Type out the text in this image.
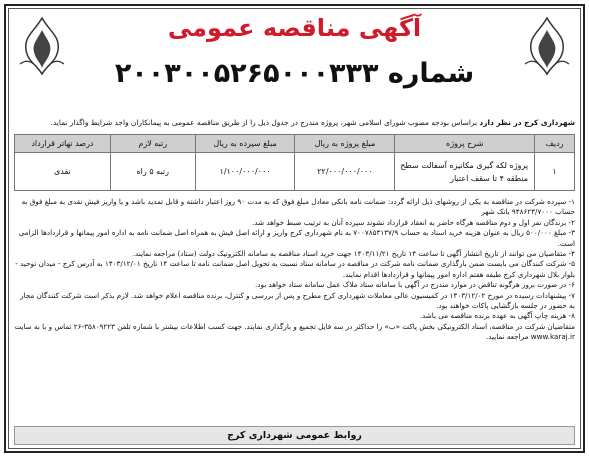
آگهی مناقصه عمومی
شماره ۲۰۰۳۰۰۵۲۶۵۰۰۰۳۳۳
شهرداری کرج در نظر دارد براساس بودجه مصوب شورای اسلامی شهر، پروژه مندرج در جدول ذیل را از طریق مناقصه عمومی به پیمانکاران واجد شرایط واگذار نماید.
ردیف	شرح پروژه	مبلغ پروژه به ریال	مبلغ سپرده به ریال	رتبه لازم	درصد تهاتر قرارداد
۱	پروژه لکه گیری مکانیزه آسفالت سطح منطقه ۴ تا سقف اعتبار	۲۲/۰۰۰/۰۰۰/۰۰۰	۱/۱۰۰/۰۰۰/۰۰۰	رتبه ۵ راه	نقدی

۱- سپرده شرکت در مناقصه به یکی از روشهای ذیل ارائه گردد: ضمانت نامه بانکی معادل مبلغ فوق که به مدت ۹۰ روز اعتبار داشته و قابل تمدید باشد و یا واریز فیش نقدی به مبلغ فوق به حساب ۹۴۸۶۲۳/۷۰۰۰ بانک شهر

۲- برندگان نفر اول و دوم مناقصه هرگاه حاضر به انعقاد قرارداد نشوند سپرده آنان به ترتیب ضبط خواهد شد.

۳- مبلغ ۵۰۰/۰۰۰ ریال به عنوان هزینه خرید اسناد به حساب ۷۰۰۷۸۵۳۱۳۷/۹ به نام شهرداری کرج واریز و ارائه اصل فیش به همراه اصل ضمانت نامه به اداره امور پیمانها و قراردادها الزامی است.

۴- متقاضیان می توانند از تاریخ انتشار آگهی تا ساعت ۱۴ تاریخ ۱۴۰۳/۱۱/۲۱ جهت خرید اسناد مناقصه به سامانه الکترونیک دولت (ستاد) مراجعه نمایند.

۵- شرکت کنندگان می بایست ضمن بارگذاری ضمانت نامه شرکت در مناقصه در سامانه ستاد نسبت به تحویل اصل ضمانت نامه تا ساعت ۱۴ تاریخ ۱۴۰۳/۱۲/۰۱ به آدرس کرج - میدان توحید - بلوار بلال شهرداری کرج طبقه هفتم اداره امور پیمانها و قراردادها اقدام نمایند.

۶- در صورت بروز هرگونه تناقض در موارد مندرج در آگهی با سامانه ستاد ملاک عمل سامانه ستاد خواهد بود.

۷- پیشنهادات رسیده در مورخ ۱۴۰۳/۱۲/۰۲ در کمیسیون عالی معاملات شهرداری کرج مطرح و پس از بررسی و کنترل، برنده مناقصه اعلام خواهد شد. لازم بذکر است شرکت کنندگان مجاز به حضور در جلسه بازگشایی پاکات خواهند بود.

۸- هزینه چاپ آگهی به عهده برنده مناقصه می باشد.

متقاضیان شرکت در مناقصه، اسناد الکترونیکی بخش پاکت «ب» را حداکثر در سه فایل تجمیع و بارگذاری نمایند. جهت کسب اطلاعات بیشتر با شماره تلفن ۳۵۸۰۹۲۲۳-۲۶ تماس و با به سایت www.karaj.ir مراجعه نمایید.

روابط عمومی شهرداری کرج
